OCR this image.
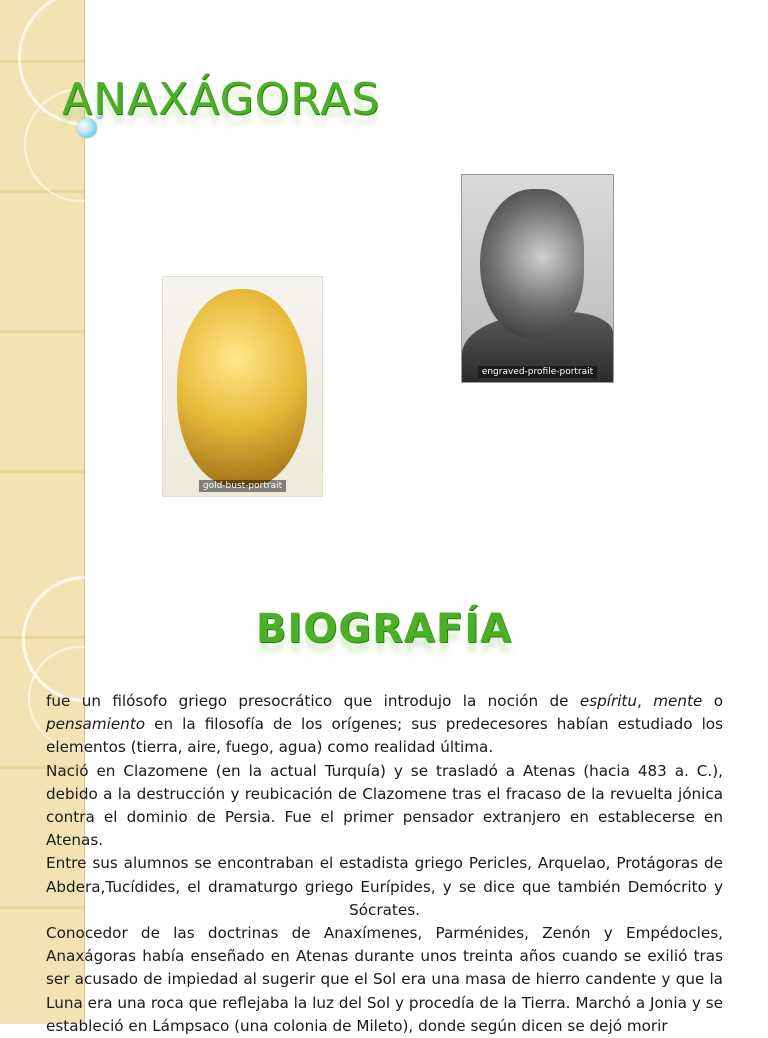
ANAXÁGORAS
gold-bust-portrait
engraved-profile-portrait
BIOGRAFÍA

fue un filósofo griego presocrático que introdujo la noción de espíritu, mente o pensamiento en la filosofía de los orígenes; sus predecesores habían estudiado los elementos (tierra, aire, fuego, agua) como realidad última.

Nació en Clazomene (en la actual Turquía) y se trasladó a Atenas (hacia 483 a. C.), debido a la destrucción y reubicación de Clazomene tras el fracaso de la revuelta jónica contra el dominio de Persia. Fue el primer pensador extranjero en establecerse en Atenas.

Entre sus alumnos se encontraban el estadista griego Pericles, Arquelao, Protágoras de Abdera,Tucídides, el dramaturgo griego Eurípides, y se dice que también Demócrito y

Sócrates.

Conocedor de las doctrinas de Anaxímenes, Parménides, Zenón y Empédocles, Anaxágoras había enseñado en Atenas durante unos treinta años cuando se exilió tras ser acusado de impiedad al sugerir que el Sol era una masa de hierro candente y que la Luna era una roca que reflejaba la luz del Sol y procedía de la Tierra. Marchó a Jonia y se estableció en Lámpsaco (una colonia de Mileto), donde según dicen se dejó morir
